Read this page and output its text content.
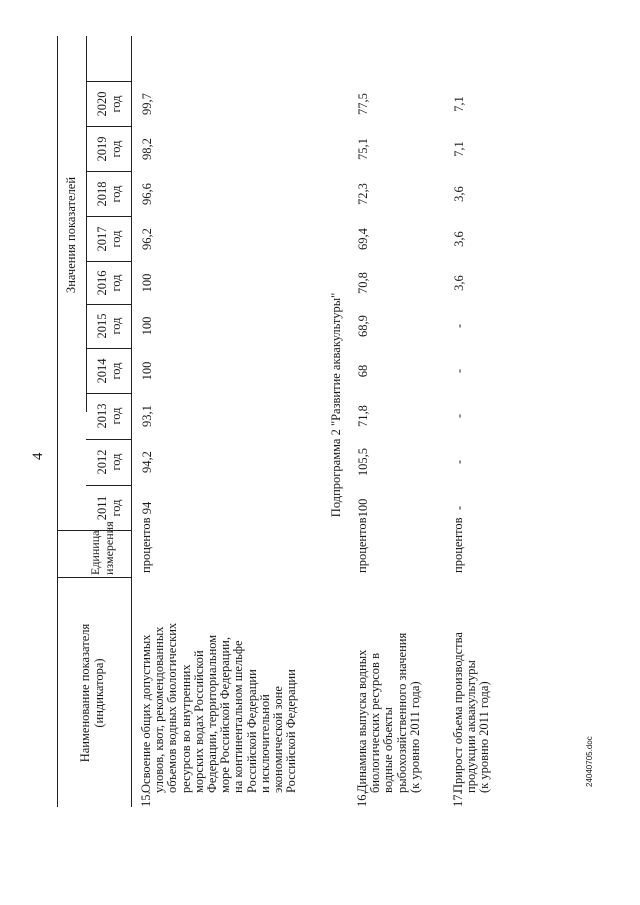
4
Наименование показателя (индикатора)
Единица измерения
Значения показателей
2011 год
2012 год
2013 год
2014 год
2015 год
2016 год
2017 год
2018 год
2019 год
2020 год
15.
Освоение общих допустимых
уловов, квот, рекомендованных
объемов водных биологических
ресурсов во внутренних
морских водах Российской
Федерации, территориальном
море Российской Федерации,
на континентальном шельфе
Российской Федерации
и исключительной
экономической зоне
Российской Федерации
процентов
94
94,2
93,1
100
100
100
96,2
96,6
98,2
99,7
Подпрограмма 2 "Развитие аквакультуры"
16.
Динамика выпуска водных
биологических ресурсов в
водные объекты
рыбохозяйственного значения
(к уровню 2011 года)
процентов
100
105,5
71,8
68
68,9
70,8
69,4
72,3
75,1
77,5
17.
Прирост объема производства
продукции аквакультуры
(к уровню 2011 года)
процентов
-
-
-
-
-
3,6
3,6
3,6
7,1
7,1
24040705.doc
